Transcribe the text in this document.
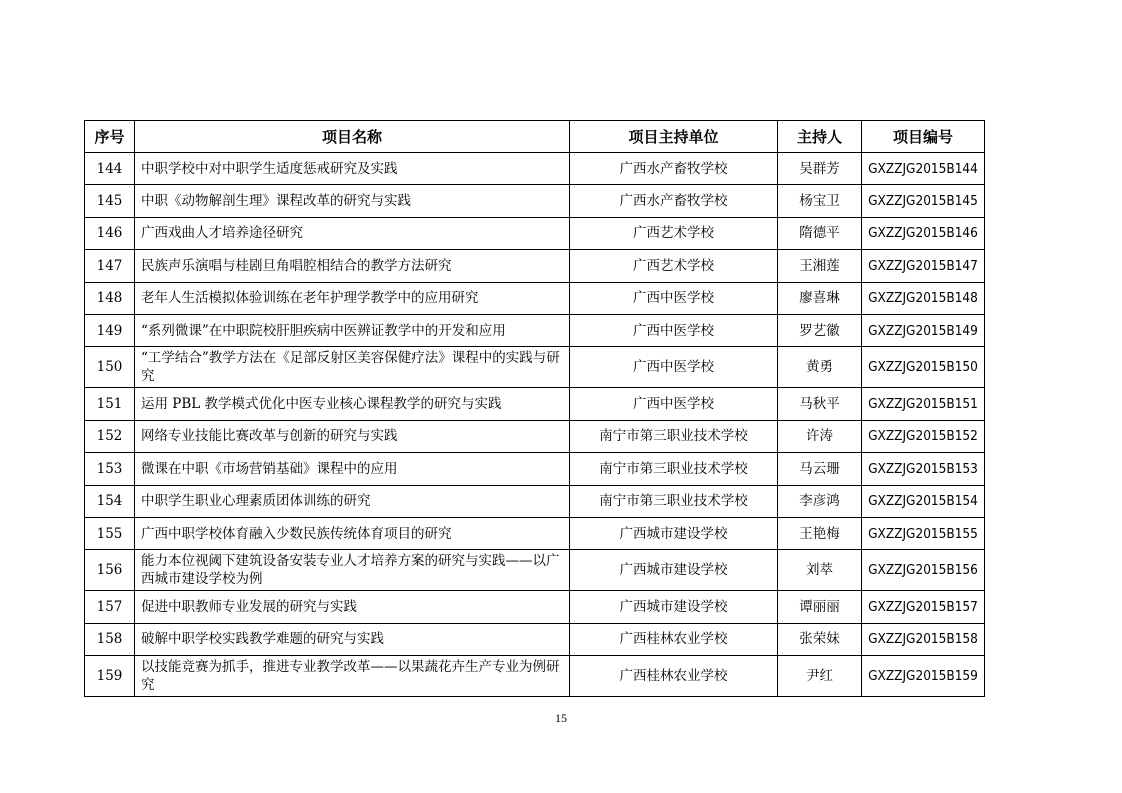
序号	项目名称	项目主持单位	主持人	项目编号
144	中职学校中对中职学生适度惩戒研究及实践	广西水产畜牧学校	吴群芳	GXZZJG2015B144
145	中职《动物解剖生理》课程改革的研究与实践	广西水产畜牧学校	杨宝卫	GXZZJG2015B145
146	广西戏曲人才培养途径研究	广西艺术学校	隋德平	GXZZJG2015B146
147	民族声乐演唱与桂剧旦角唱腔相结合的教学方法研究	广西艺术学校	王湘莲	GXZZJG2015B147
148	老年人生活模拟体验训练在老年护理学教学中的应用研究	广西中医学校	廖喜琳	GXZZJG2015B148
149	“系列微课”在中职院校肝胆疾病中医辨证教学中的开发和应用	广西中医学校	罗艺徽	GXZZJG2015B149
150	“工学结合”教学方法在《足部反射区美容保健疗法》课程中的实践与研究	广西中医学校	黄勇	GXZZJG2015B150
151	运用 PBL 教学模式优化中医专业核心课程教学的研究与实践	广西中医学校	马秋平	GXZZJG2015B151
152	网络专业技能比赛改革与创新的研究与实践	南宁市第三职业技术学校	许涛	GXZZJG2015B152
153	微课在中职《市场营销基础》课程中的应用	南宁市第三职业技术学校	马云珊	GXZZJG2015B153
154	中职学生职业心理素质团体训练的研究	南宁市第三职业技术学校	李彦鸿	GXZZJG2015B154
155	广西中职学校体育融入少数民族传统体育项目的研究	广西城市建设学校	王艳梅	GXZZJG2015B155
156	能力本位视阈下建筑设备安装专业人才培养方案的研究与实践——以广西城市建设学校为例	广西城市建设学校	刘萃	GXZZJG2015B156
157	促进中职教师专业发展的研究与实践	广西城市建设学校	谭丽丽	GXZZJG2015B157
158	破解中职学校实践教学难题的研究与实践	广西桂林农业学校	张荣妹	GXZZJG2015B158
159	以技能竞赛为抓手，推进专业教学改革——以果蔬花卉生产专业为例研究	广西桂林农业学校	尹红	GXZZJG2015B159
15
